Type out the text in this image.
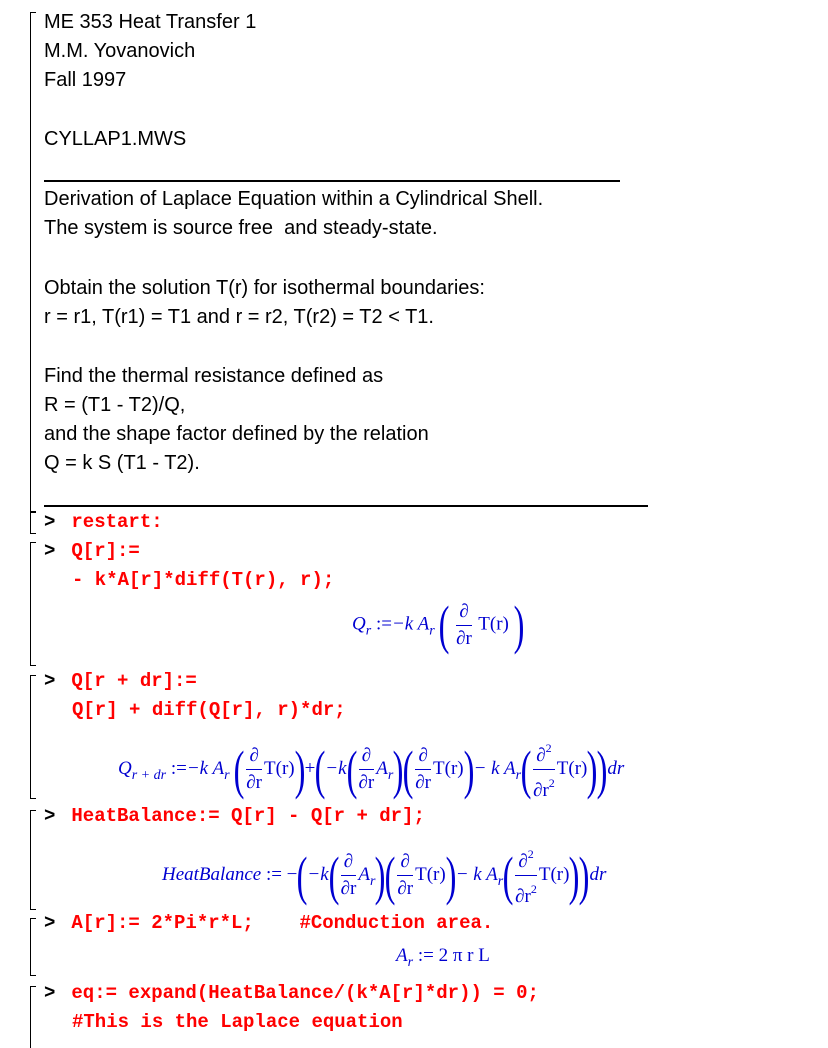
ME 353 Heat Transfer 1
M.M. Yovanovich
Fall 1997
CYLLAP1.MWS
Derivation of Laplace Equation within a Cylindrical Shell.
The system is source free  and steady-state.
Obtain the solution T(r) for isothermal boundaries:
r = r1, T(r1) = T1 and r = r2, T(r2) = T2 < T1.
Find the thermal resistance defined as
R = (T1 - T2)/Q,
and the shape factor defined by the relation
Q = k S (T1 - T2).
> restart:
> Q[r]:=
- k*A[r]*diff(T(r), r);
$Q_r$ :=−k $A_r$ ( $\frac{\partial}{\partial r} T(r)$ )
> Q[r + dr]:=
Q[r] + diff(Q[r], r)*dr;
$Q_{r + dr}$ :=−k $A_r$ ( $\frac{\partial}{\partial r} T(r))+(-k( \frac{\partial}{\partial r} A_r)( \frac{\partial}{\partial r} T(r))- k$ $A_r( \frac{\partial^2}{\partial r^2} T(r)))dr$
> HeatBalance:= Q[r] - Q[r + dr];
HeatBalance := $-(-k( \frac{\partial}{\partial r} A_r)( \frac{\partial}{\partial r} T(r))- k$ $A_r( \frac{\partial^2}{\partial r^2} T(r)))dr$
> A[r]:= 2*Pi*r*L;    #Conduction area.
$A_r$ := 2 π r L
> eq:= expand(HeatBalance/(k*A[r]*dr)) = 0;
#This is the Laplace equation
